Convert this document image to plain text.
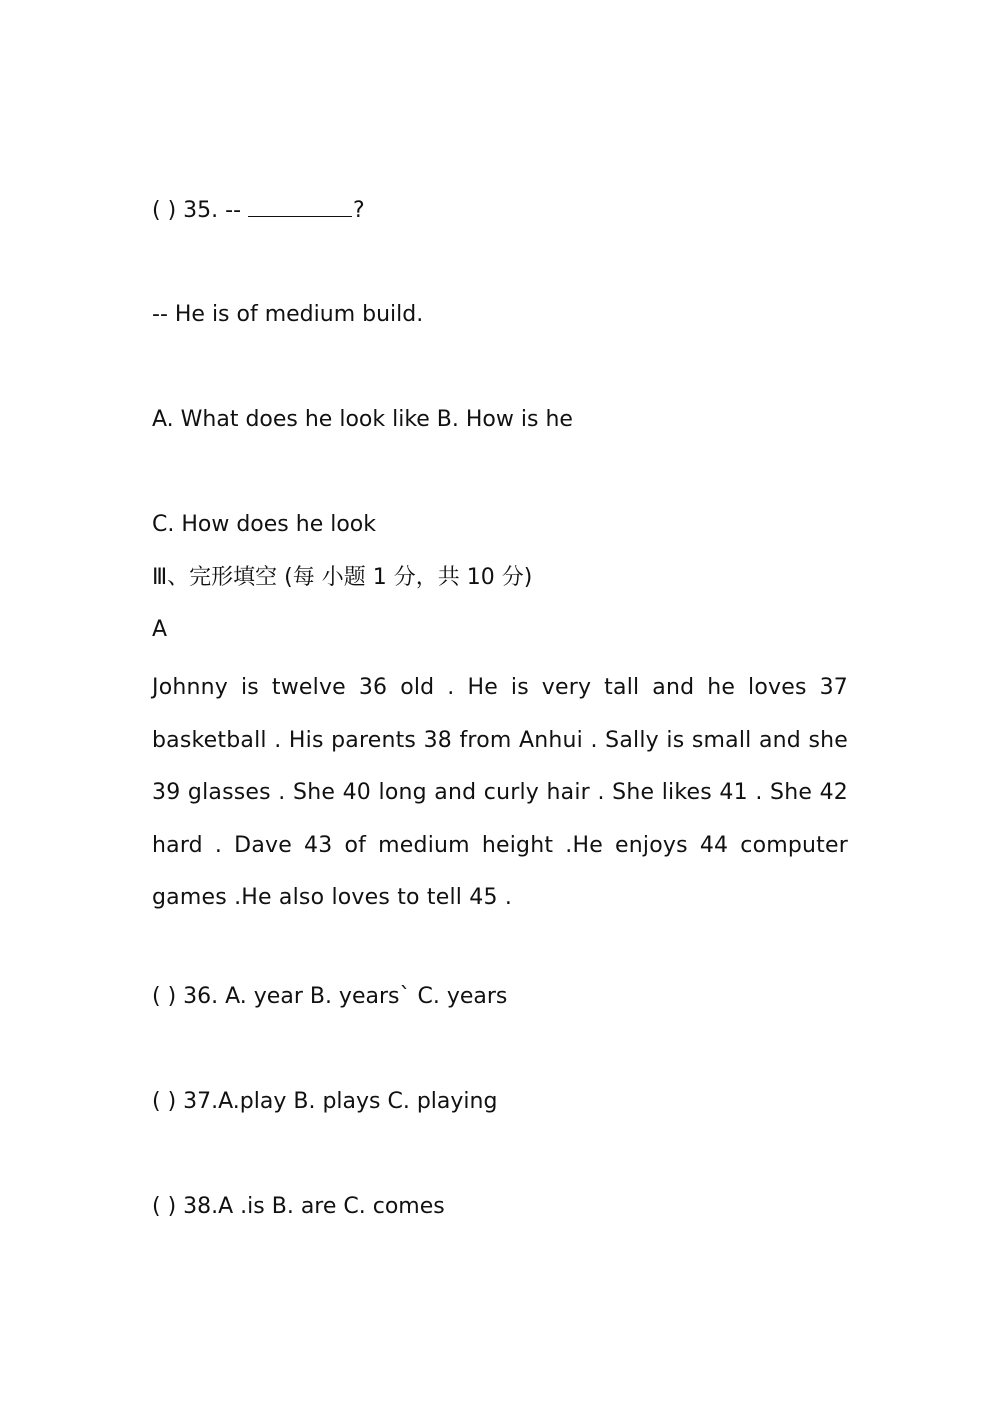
( ) 35. --	?

-- He is of medium build.

A. What does he look like B. How is he

C. How does he look

Ⅲ、完形填空 (每 小题 1 分，共 10 分)

A

Johnny is twelve 36 old . He is very tall and he loves 37 basketball . His parents 38 from Anhui . Sally is small and she 39 glasses . She 40 long and curly hair . She likes 41 . She 42 hard . Dave 43 of medium height .He enjoys 44 computer games .He also loves to tell 45 .

( ) 36. A. year B. years` C. years

( ) 37.A.play B. plays C. playing

( ) 38.A .is B. are C. comes
